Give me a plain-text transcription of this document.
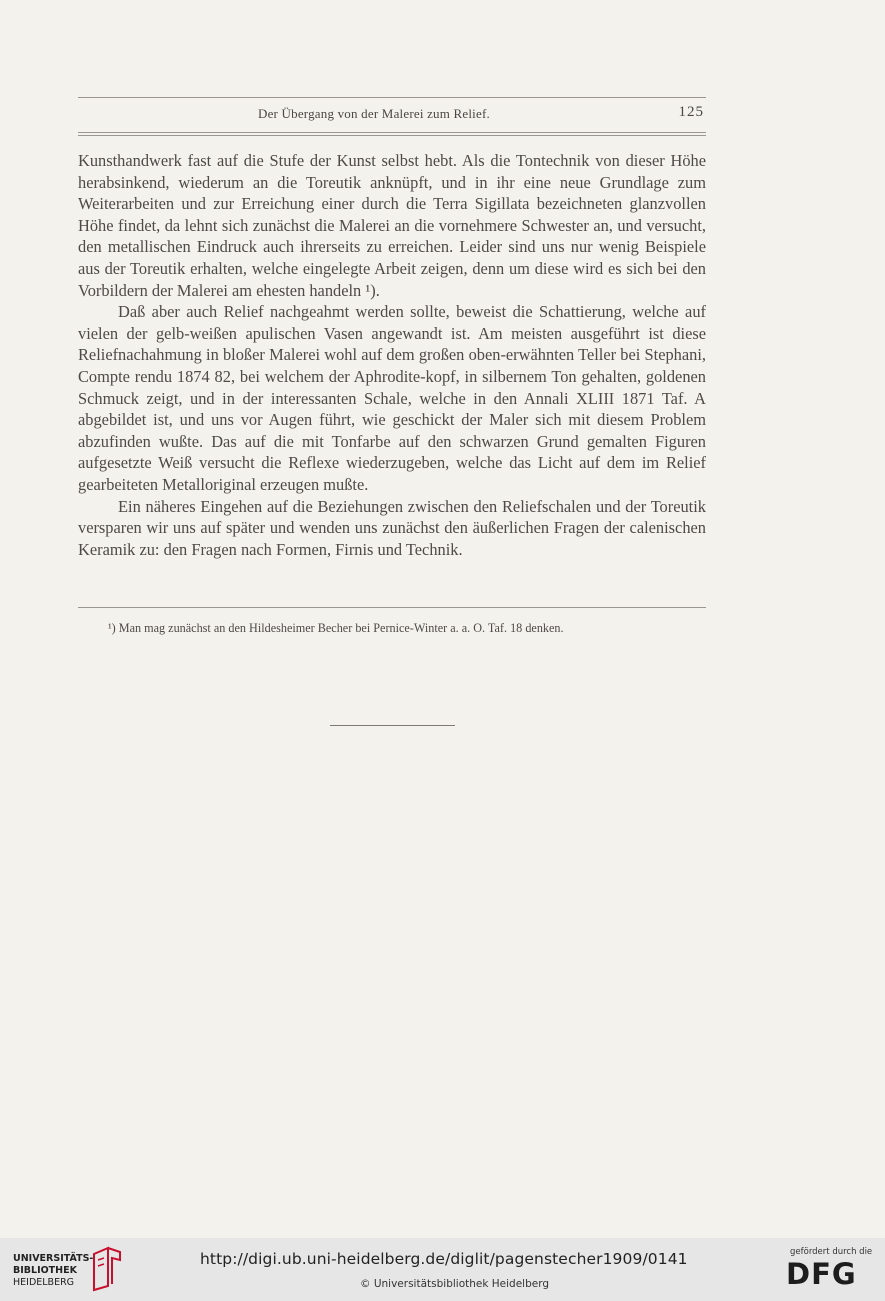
Der Übergang von der Malerei zum Relief.	125

Kunsthandwerk fast auf die Stufe der Kunst selbst hebt. Als die Tontechnik von dieser Höhe herabsinkend, wiederum an die Toreutik anknüpft, und in ihr eine neue Grundlage zum Weiterarbeiten und zur Erreichung einer durch die Terra Sigillata bezeichneten glanzvollen Höhe findet, da lehnt sich zunächst die Malerei an die vornehmere Schwester an, und versucht, den metallischen Eindruck auch ihrerseits zu erreichen. Leider sind uns nur wenig Beispiele aus der Toreutik erhalten, welche eingelegte Arbeit zeigen, denn um diese wird es sich bei den Vorbildern der Malerei am ehesten handeln ¹).

Daß aber auch Relief nachgeahmt werden sollte, beweist die Schattierung, welche auf vielen der gelb-weißen apulischen Vasen angewandt ist. Am meisten ausgeführt ist diese Reliefnachahmung in bloßer Malerei wohl auf dem großen oben-erwähnten Teller bei Stephani, Compte rendu 1874 82, bei welchem der Aphrodite-kopf, in silbernem Ton gehalten, goldenen Schmuck zeigt, und in der interessanten Schale, welche in den Annali XLIII 1871 Taf. A abgebildet ist, und uns vor Augen führt, wie geschickt der Maler sich mit diesem Problem abzufinden wußte. Das auf die mit Tonfarbe auf den schwarzen Grund gemalten Figuren aufgesetzte Weiß versucht die Reflexe wiederzugeben, welche das Licht auf dem im Relief gearbeiteten Metalloriginal erzeugen mußte.

Ein näheres Eingehen auf die Beziehungen zwischen den Reliefschalen und der Toreutik versparen wir uns auf später und wenden uns zunächst den äußerlichen Fragen der calenischen Keramik zu: den Fragen nach Formen, Firnis und Technik.

¹) Man mag zunächst an den Hildesheimer Becher bei Pernice-Winter a. a. O. Taf. 18 denken.
UNIVERSITÄTS-
BIBLIOTHEK
HEIDELBERG
http://digi.ub.uni-heidelberg.de/diglit/pagenstecher1909/0141
© Universitätsbibliothek Heidelberg
gefördert durch die
DFG
